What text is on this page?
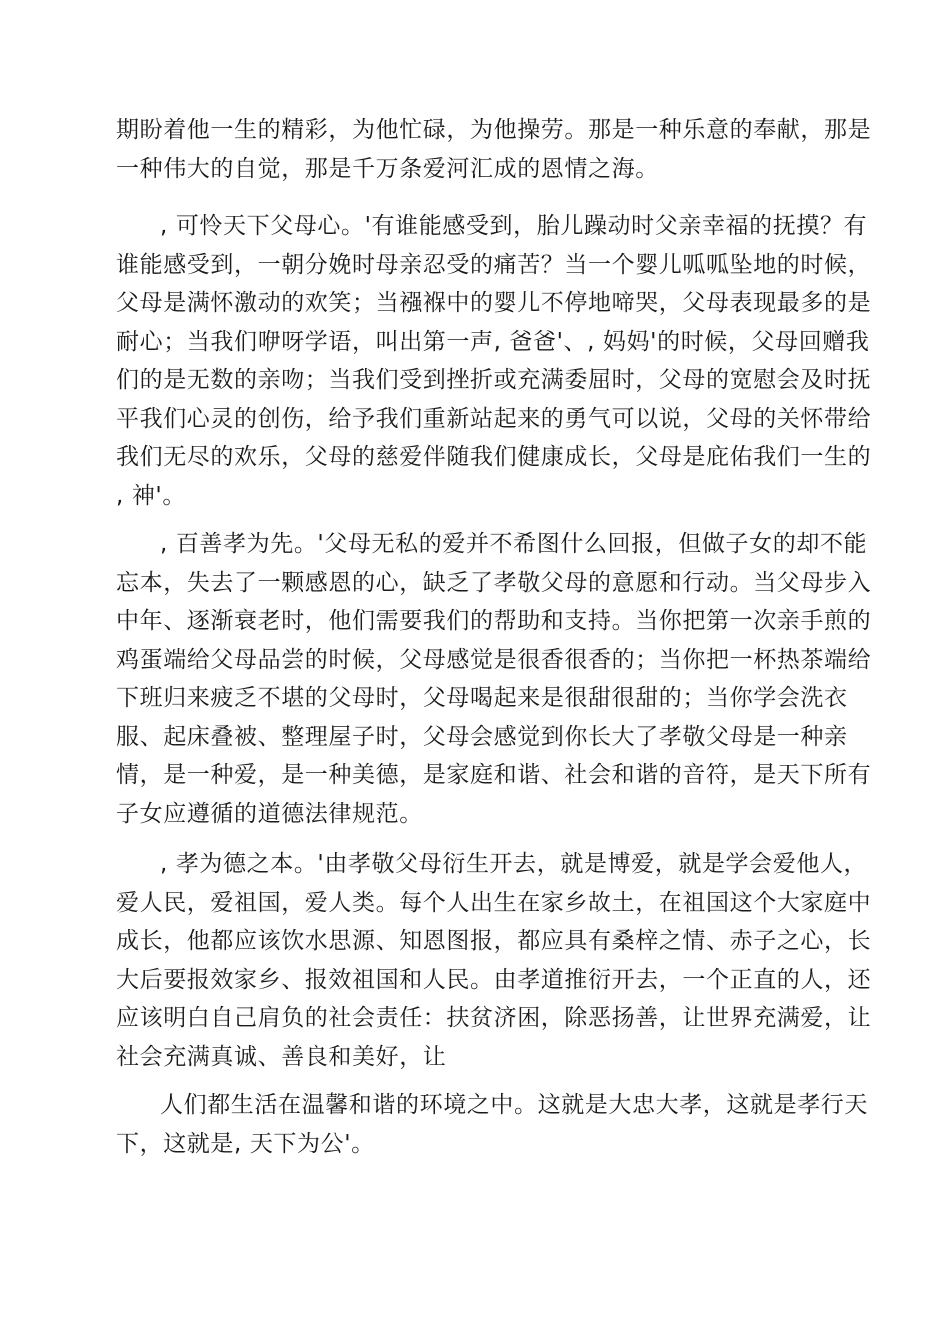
期盼着他一生的精彩，为他忙碌，为他操劳。那是一种乐意的奉献，那是
一种伟大的自觉，那是千万条爱河汇成的恩情之海。

, 可怜天下父母心。'有谁能感受到，胎儿躁动时父亲幸福的抚摸？有
谁能感受到，一朝分娩时母亲忍受的痛苦？当一个婴儿呱呱坠地的时候，
父母是满怀激动的欢笑；当襁褓中的婴儿不停地啼哭，父母表现最多的是
耐心；当我们咿呀学语，叫出第一声, 爸爸'、, 妈妈'的时候，父母回赠我
们的是无数的亲吻；当我们受到挫折或充满委屈时，父母的宽慰会及时抚
平我们心灵的创伤，给予我们重新站起来的勇气可以说，父母的关怀带给
我们无尽的欢乐，父母的慈爱伴随我们健康成长，父母是庇佑我们一生的
, 神'。

, 百善孝为先。'父母无私的爱并不希图什么回报，但做子女的却不能
忘本，失去了一颗感恩的心，缺乏了孝敬父母的意愿和行动。当父母步入
中年、逐渐衰老时，他们需要我们的帮助和支持。当你把第一次亲手煎的
鸡蛋端给父母品尝的时候，父母感觉是很香很香的；当你把一杯热茶端给
下班归来疲乏不堪的父母时，父母喝起来是很甜很甜的；当你学会洗衣
服、起床叠被、整理屋子时，父母会感觉到你长大了孝敬父母是一种亲
情，是一种爱，是一种美德，是家庭和谐、社会和谐的音符，是天下所有
子女应遵循的道德法律规范。

, 孝为德之本。'由孝敬父母衍生开去，就是博爱，就是学会爱他人，
爱人民，爱祖国，爱人类。每个人出生在家乡故土，在祖国这个大家庭中
成长，他都应该饮水思源、知恩图报，都应具有桑梓之情、赤子之心，长
大后要报效家乡、报效祖国和人民。由孝道推衍开去，一个正直的人，还
应该明白自己肩负的社会责任：扶贫济困，除恶扬善，让世界充满爱，让
社会充满真诚、善良和美好，让

人们都生活在温馨和谐的环境之中。这就是大忠大孝，这就是孝行天
下，这就是, 天下为公'。
